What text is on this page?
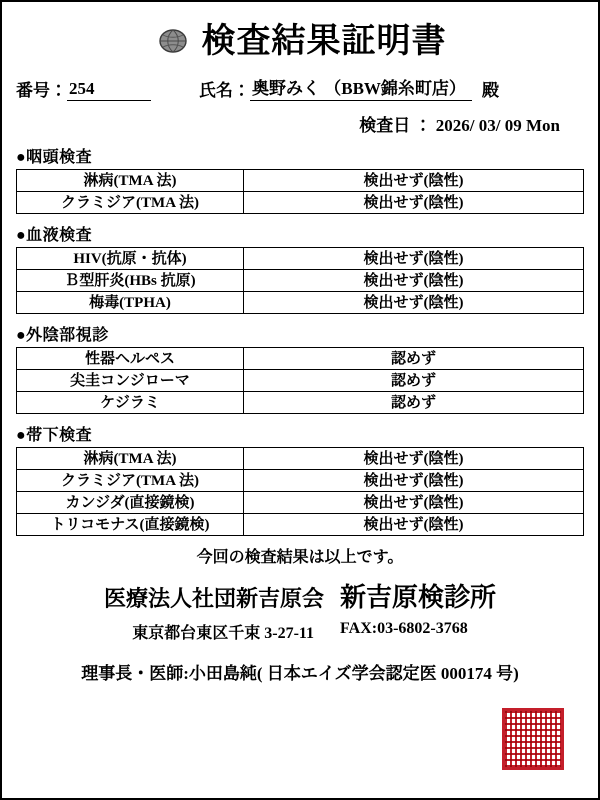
検査結果証明書
番号： 254	氏名： 奥野みく （BBW錦糸町店） 殿
検査日 ： 2026/ 03/ 09 Mon
●咽頭検査
淋病(TMA 法)	検出せず(陰性)
クラミジア(TMA 法)	検出せず(陰性)
●血液検査
HIV(抗原・抗体)	検出せず(陰性)
Ｂ型肝炎(HBs 抗原)	検出せず(陰性)
梅毒(TPHA)	検出せず(陰性)
●外陰部視診
性器ヘルペス	認めず
尖圭コンジローマ	認めず
ケジラミ	認めず
●帯下検査
淋病(TMA 法)	検出せず(陰性)
クラミジア(TMA 法)	検出せず(陰性)
カンジダ(直接鏡検)	検出せず(陰性)
トリコモナス(直接鏡検)	検出せず(陰性)
今回の検査結果は以上です。
医療法人社団新吉原会 新吉原検診所
東京都台東区千束 3-27-11 FAX:03-6802-3768
理事長・医師:小田島純( 日本エイズ学会認定医 000174 号)
